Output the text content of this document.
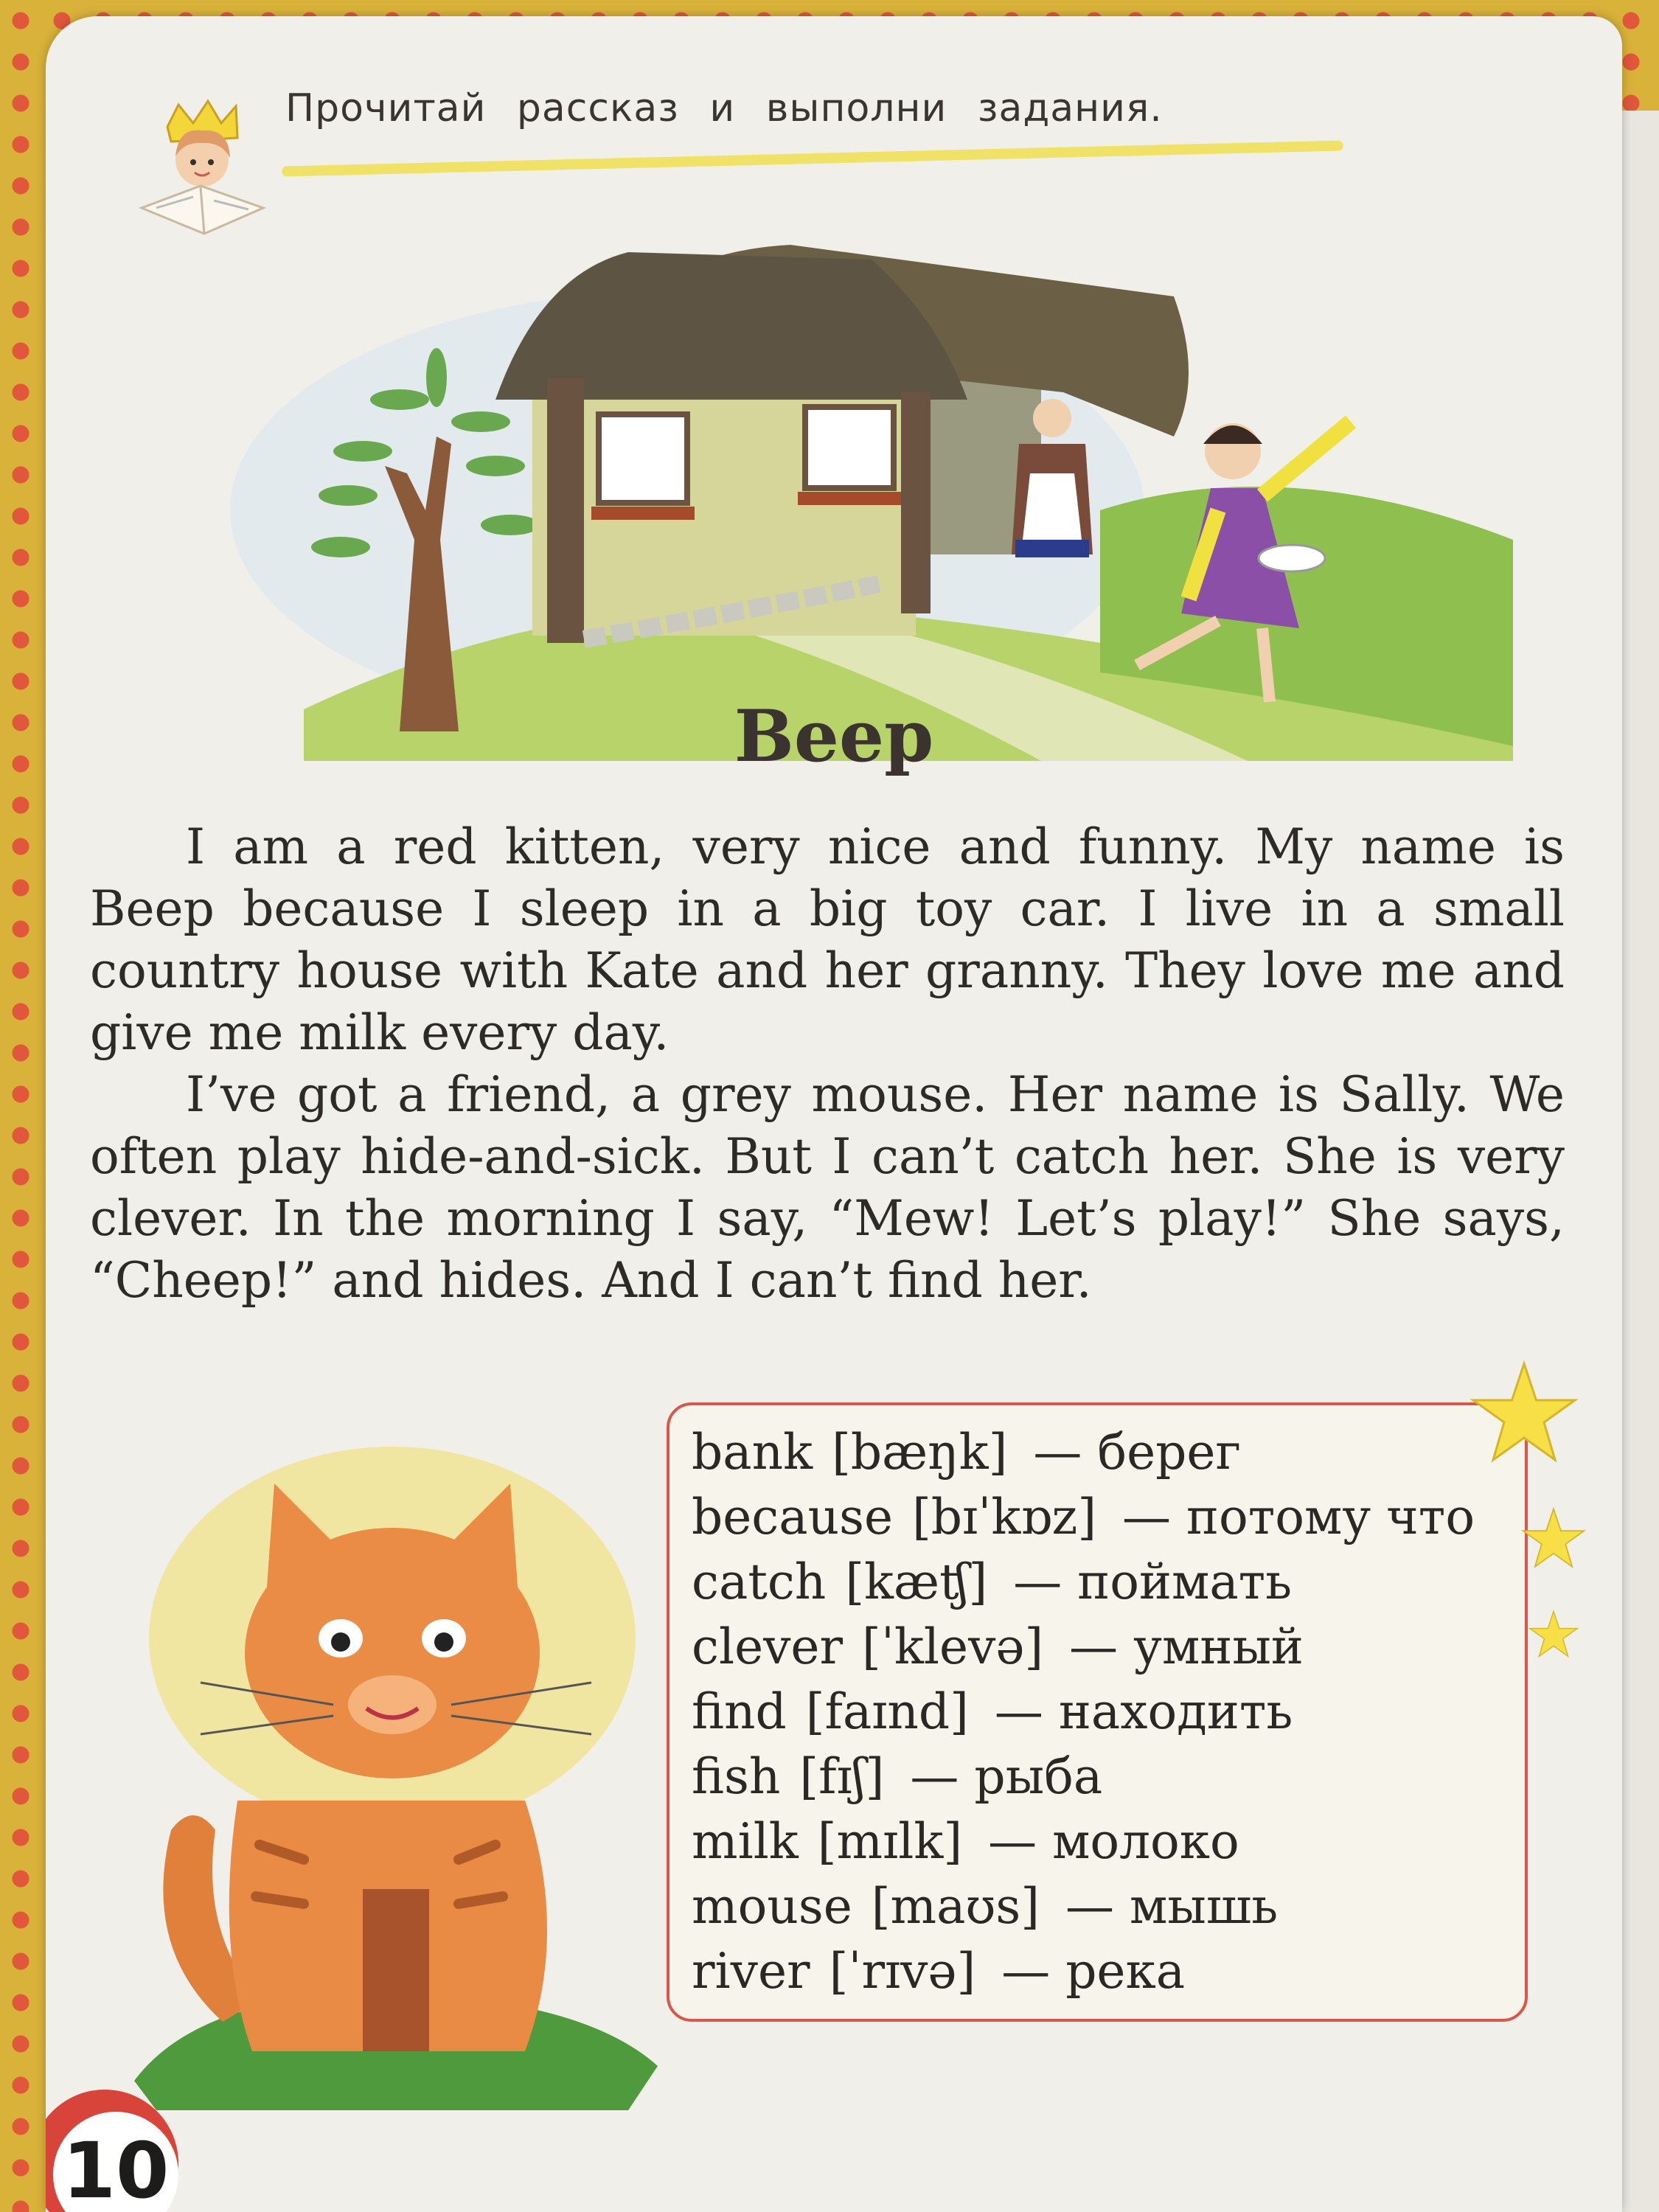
Прочитай рассказ и выполни задания.
Beep

I am a red kitten, very nice and funny. My name is Beep because I sleep in a big toy car. I live in a small country house with Kate and her granny. They love me and give me milk every day.

I’ve got a friend, a grey mouse. Her name is Sally. We often play hide-and-sick. But I can’t catch her. She is very clever. In the morning I say, “Mew! Let’s play!” She says, “Cheep!” and hides. And I can’t find her.

bank [bæŋk] — берег
because [bɪˈkɒz] — потому что
catch [kæʧ] — поймать
clever [ˈklevə] — умный
find [faɪnd] — находить
fish [fɪʃ] — рыба
milk [mɪlk] — молоко
mouse [maʊs] — мышь
river [ˈrɪvə] — река
10
